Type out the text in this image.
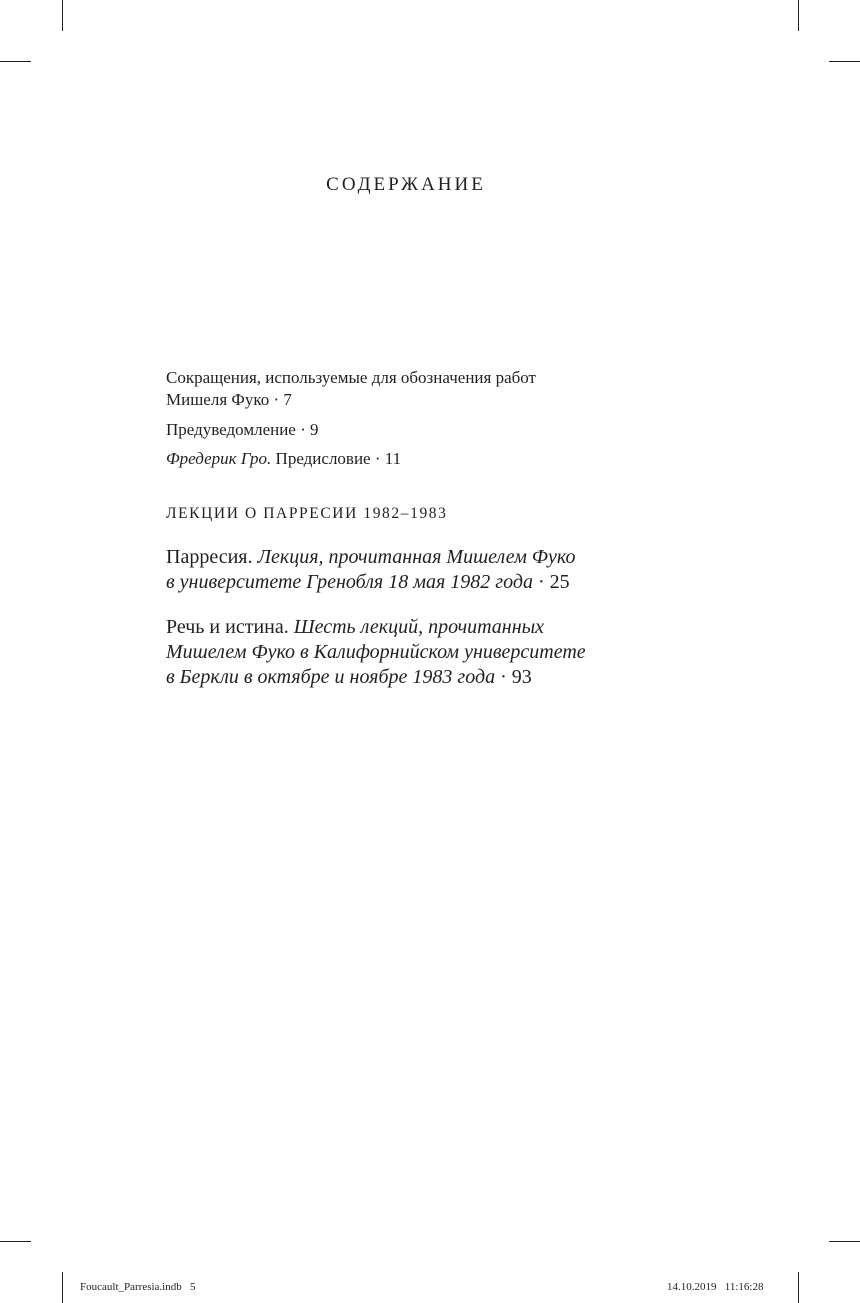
СОДЕРЖАНИЕ
Сокращения, используемые для обозначения работ
Мишеля Фуко · 7
Предуведомление · 9
Фредерик Гро. Предисловие · 11
ЛЕКЦИИ О ПАРРЕСИИ 1982–1983
Парресия. Лекция, прочитанная Мишелем Фуко
в университете Гренобля 18 мая 1982 года · 25
Речь и истина. Шесть лекций, прочитанных
Мишелем Фуко в Калифорнийском университете
в Беркли в октябре и ноябре 1983 года · 93
Foucault_Parresia.indb   5	14.10.2019   11:16:28
